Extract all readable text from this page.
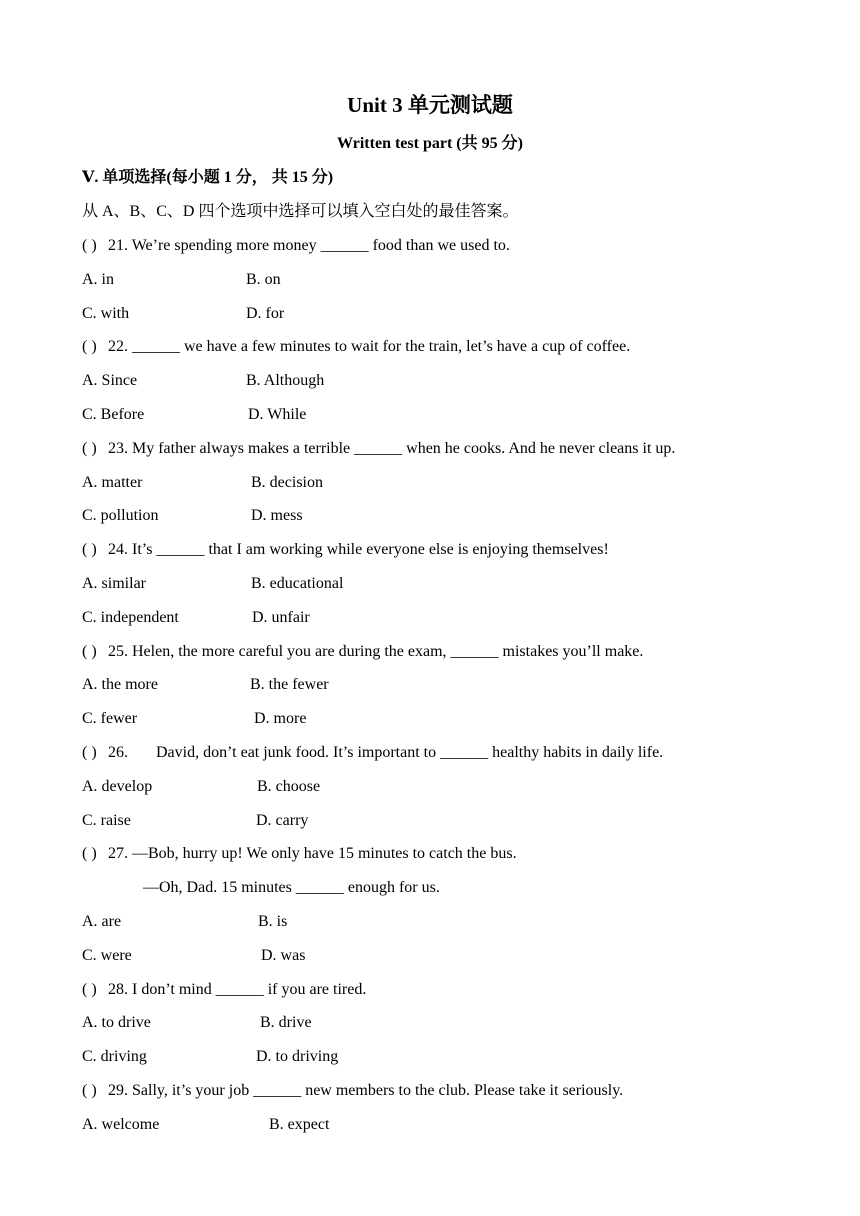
Unit 3 单元测试题
Written test part (共 95 分)
Ⅴ. 单项选择(每小题 1 分， 共 15 分)
从 A、B、C、D 四个选项中选择可以填入空白处的最佳答案。
( ) 21. We’re spending more money ______ food than we used to.
A. in	B. on
C. with	D. for
( ) 22. ______ we have a few minutes to wait for the train, let’s have a cup of coffee.
A. Since	B. Although
C. Before	D. While
( ) 23. My father always makes a terrible ______ when he cooks. And he never cleans it up.
A. matter	B. decision
C. pollution	D. mess
( ) 24. It’s ______ that I am working while everyone else is enjoying themselves!
A. similar	B. educational
C. independent	D. unfair
( ) 25. Helen, the more careful you are during the exam, ______ mistakes you’ll make.
A. the more	B. the fewer
C. fewer	D. more
( ) 26.       David, don’t eat junk food. It’s important to ______ healthy habits in daily life.
A. develop	B. choose
C. raise	D. carry
( ) 27. —Bob, hurry up! We only have 15 minutes to catch the bus.
—Oh, Dad. 15 minutes ______ enough for us.
A. are	B. is
C. were	D. was
( ) 28. I don’t mind ______ if you are tired.
A. to drive	B. drive
C. driving	D. to driving
( ) 29. Sally, it’s your job ______ new members to the club. Please take it seriously.
A. welcome	B. expect
